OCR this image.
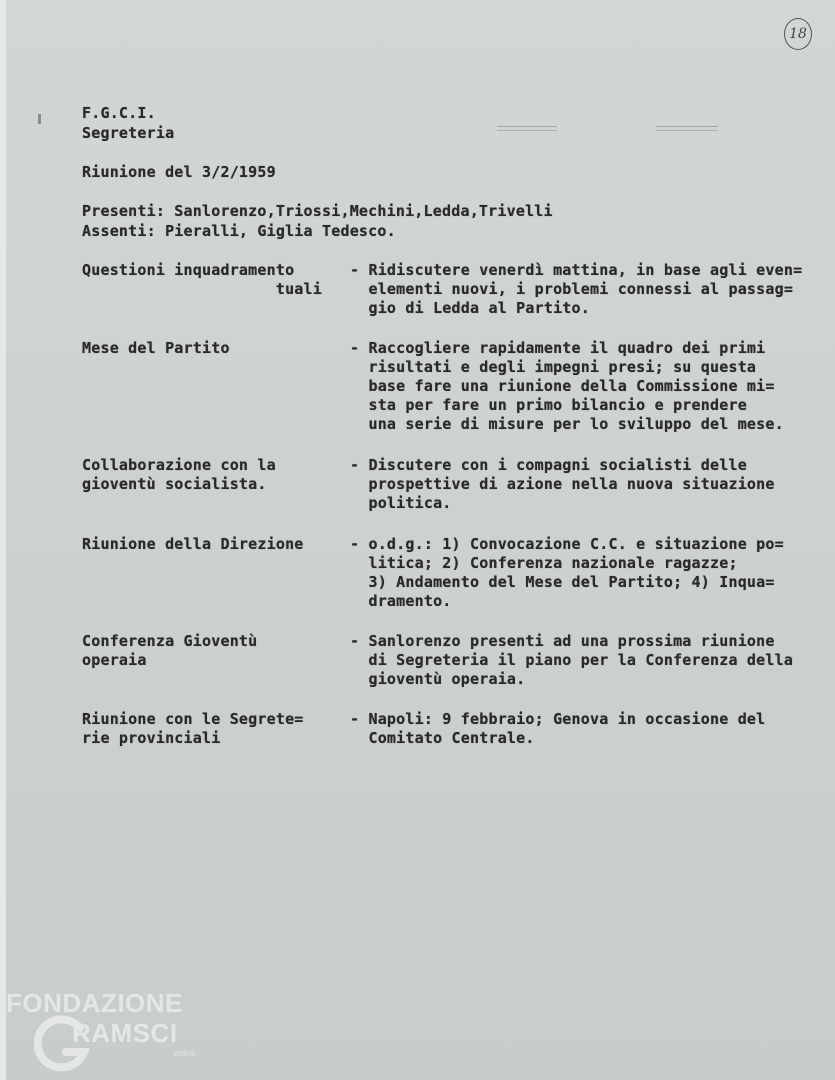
18
F.G.C.I.
Segreteria
Riunione del 3/2/1959
Presenti: Sanlorenzo,Triossi,Mechini,Ledda,Trivelli
Assenti: Pieralli, Giglia Tedesco.
Questioni inquadramento
tuali
- Ridiscutere venerdì mattina, in base agli even=
elementi nuovi, i problemi connessi al passag=
gio di Ledda al Partito.
Mese del Partito	- Raccogliere rapidamente il quadro dei primi
risultati e degli impegni presi; su questa
base fare una riunione della Commissione mi=
sta per fare un primo bilancio e prendere
una serie di misure per lo sviluppo del mese.
Collaborazione con la
gioventù socialista.
- Discutere con i compagni socialisti delle
prospettive di azione nella nuova situazione
politica.
Riunione della Direzione	- o.d.g.: 1) Convocazione C.C. e situazione po=
litica; 2) Conferenza nazionale ragazze;
3) Andamento del Mese del Partito; 4) Inqua=
dramento.
Conferenza Gioventù
operaia
- Sanlorenzo presenti ad una prossima riunione
di Segreteria il piano per la Conferenza della
gioventù operaia.
Riunione con le Segrete=
rie provinciali
- Napoli: 9 febbraio; Genova in occasione del
Comitato Centrale.
FONDAZIONE
RAMSCI
onlus
